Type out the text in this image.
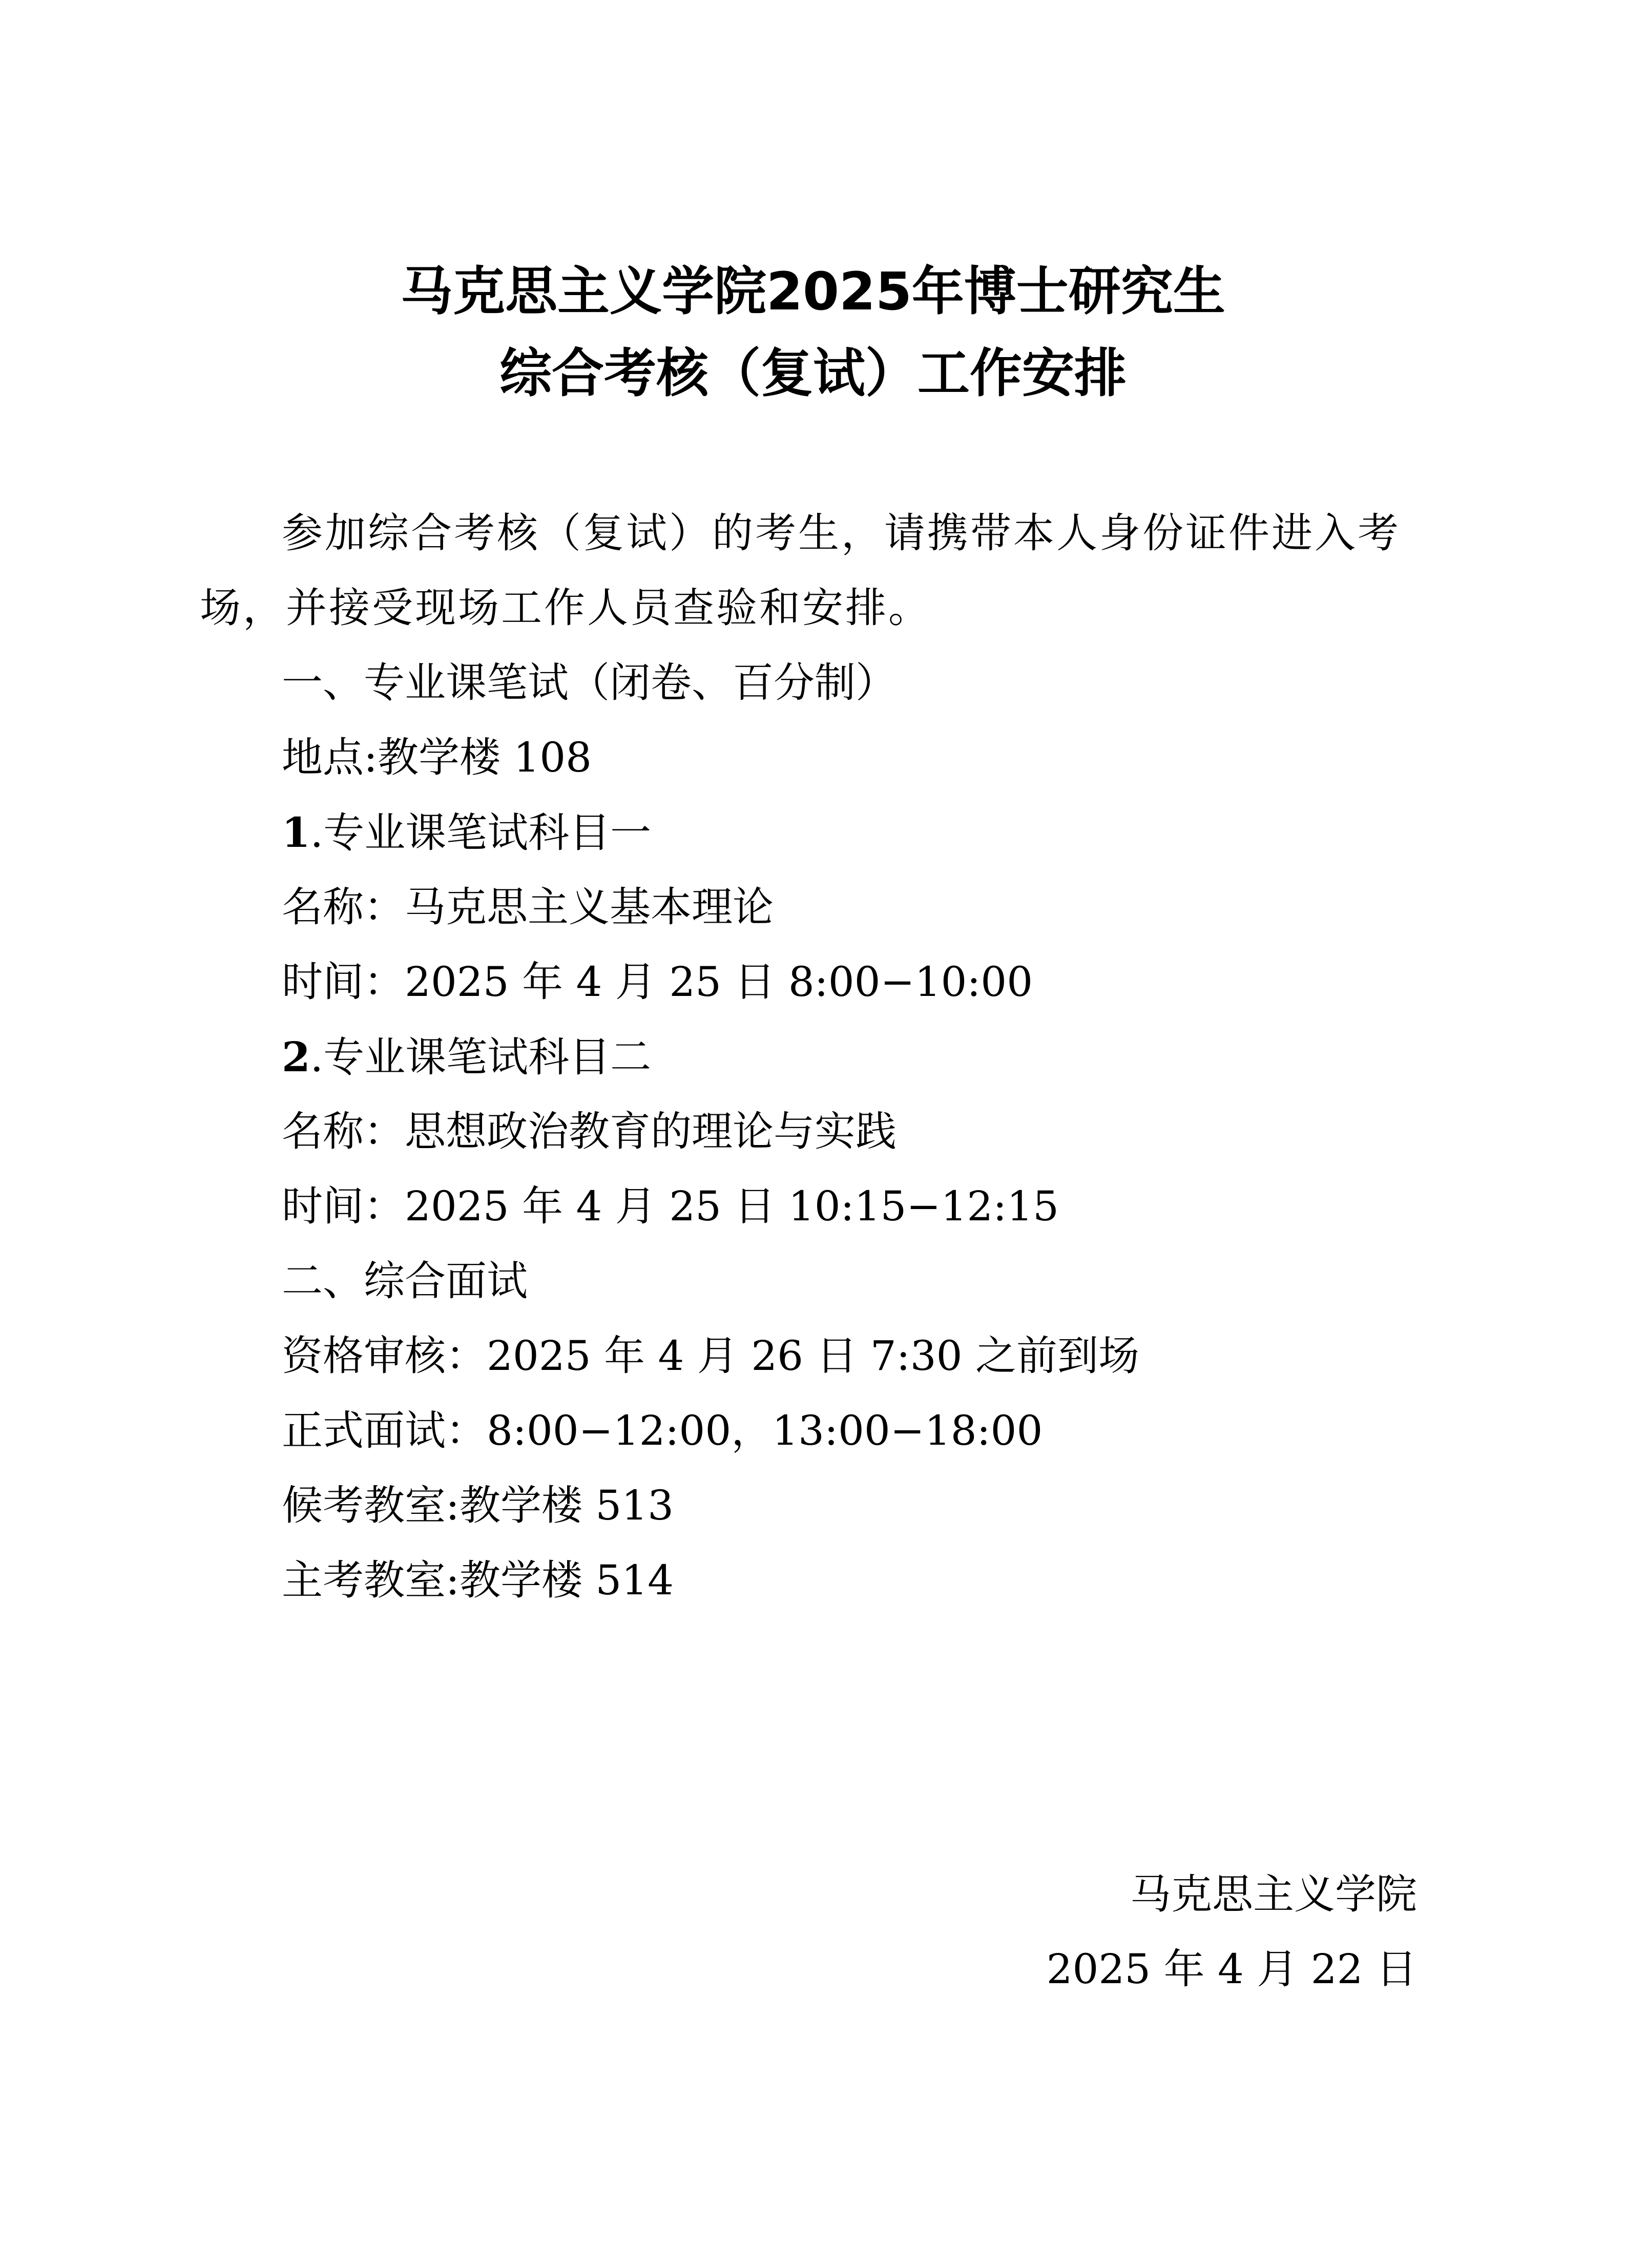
马克思主义学院2025年博士研究生
综合考核（复试）工作安排
参加综合考核（复试）的考生，请携带本人身份证件进入考场，并接受现场工作人员查验和安排。
一、专业课笔试（闭卷、百分制）
地点:教学楼 108
1.专业课笔试科目一
名称：马克思主义基本理论
时间：2025 年 4 月 25 日 8:00−10:00
2.专业课笔试科目二
名称：思想政治教育的理论与实践
时间：2025 年 4 月 25 日 10:15−12:15
二、综合面试
资格审核：2025 年 4 月 26 日 7:30 之前到场
正式面试：8:00−12:00，13:00−18:00
候考教室:教学楼 513
主考教室:教学楼 514
马克思主义学院
2025 年 4 月 22 日
